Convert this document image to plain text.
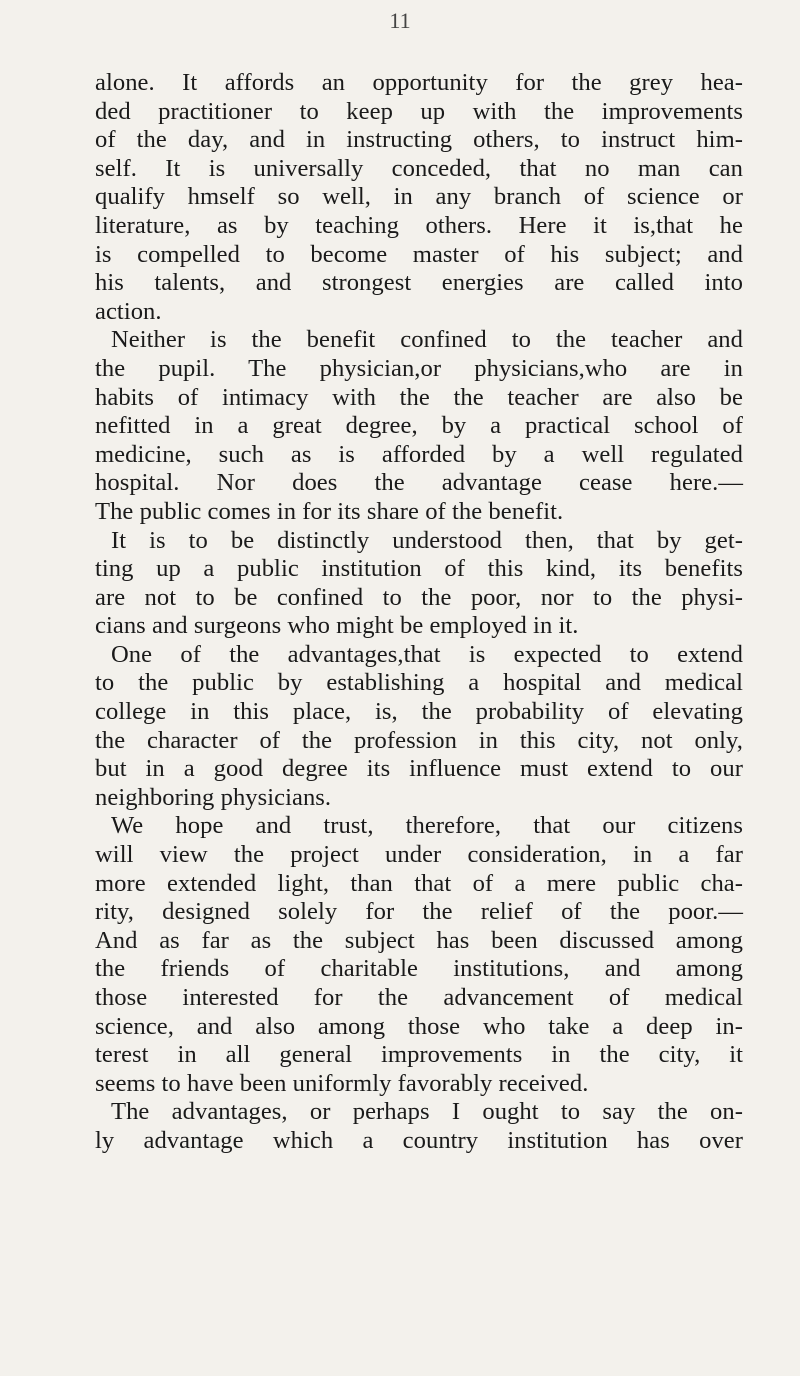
11
alone. It affords an opportunity for the grey hea-
ded practitioner to keep up with the improvements
of the day, and in instructing others, to instruct him-
self. It is universally conceded, that no man can
qualify hmself so well, in any branch of science or
literature, as by teaching others. Here it is,that he
is compelled to become master of his subject; and
his talents, and strongest energies are called into
action.
Neither is the benefit confined to the teacher and
the pupil. The physician,or physicians,who are in
habits of intimacy with the the teacher are also be
nefitted in a great degree, by a practical school of
medicine, such as is afforded by a well regulated
hospital. Nor does the advantage cease here.—
The public comes in for its share of the benefit.
It is to be distinctly understood then, that by get-
ting up a public institution of this kind, its benefits
are not to be confined to the poor, nor to the physi-
cians and surgeons who might be employed in it.
One of the advantages,that is expected to extend
to the public by establishing a hospital and medical
college in this place, is, the probability of elevating
the character of the profession in this city, not only,
but in a good degree its influence must extend to our
neighboring physicians.
We hope and trust, therefore, that our citizens
will view the project under consideration, in a far
more extended light, than that of a mere public cha-
rity, designed solely for the relief of the poor.—
And as far as the subject has been discussed among
the friends of charitable institutions, and among
those interested for the advancement of medical
science, and also among those who take a deep in-
terest in all general improvements in the city, it
seems to have been uniformly favorably received.
The advantages, or perhaps I ought to say the on-
ly advantage which a country institution has over
